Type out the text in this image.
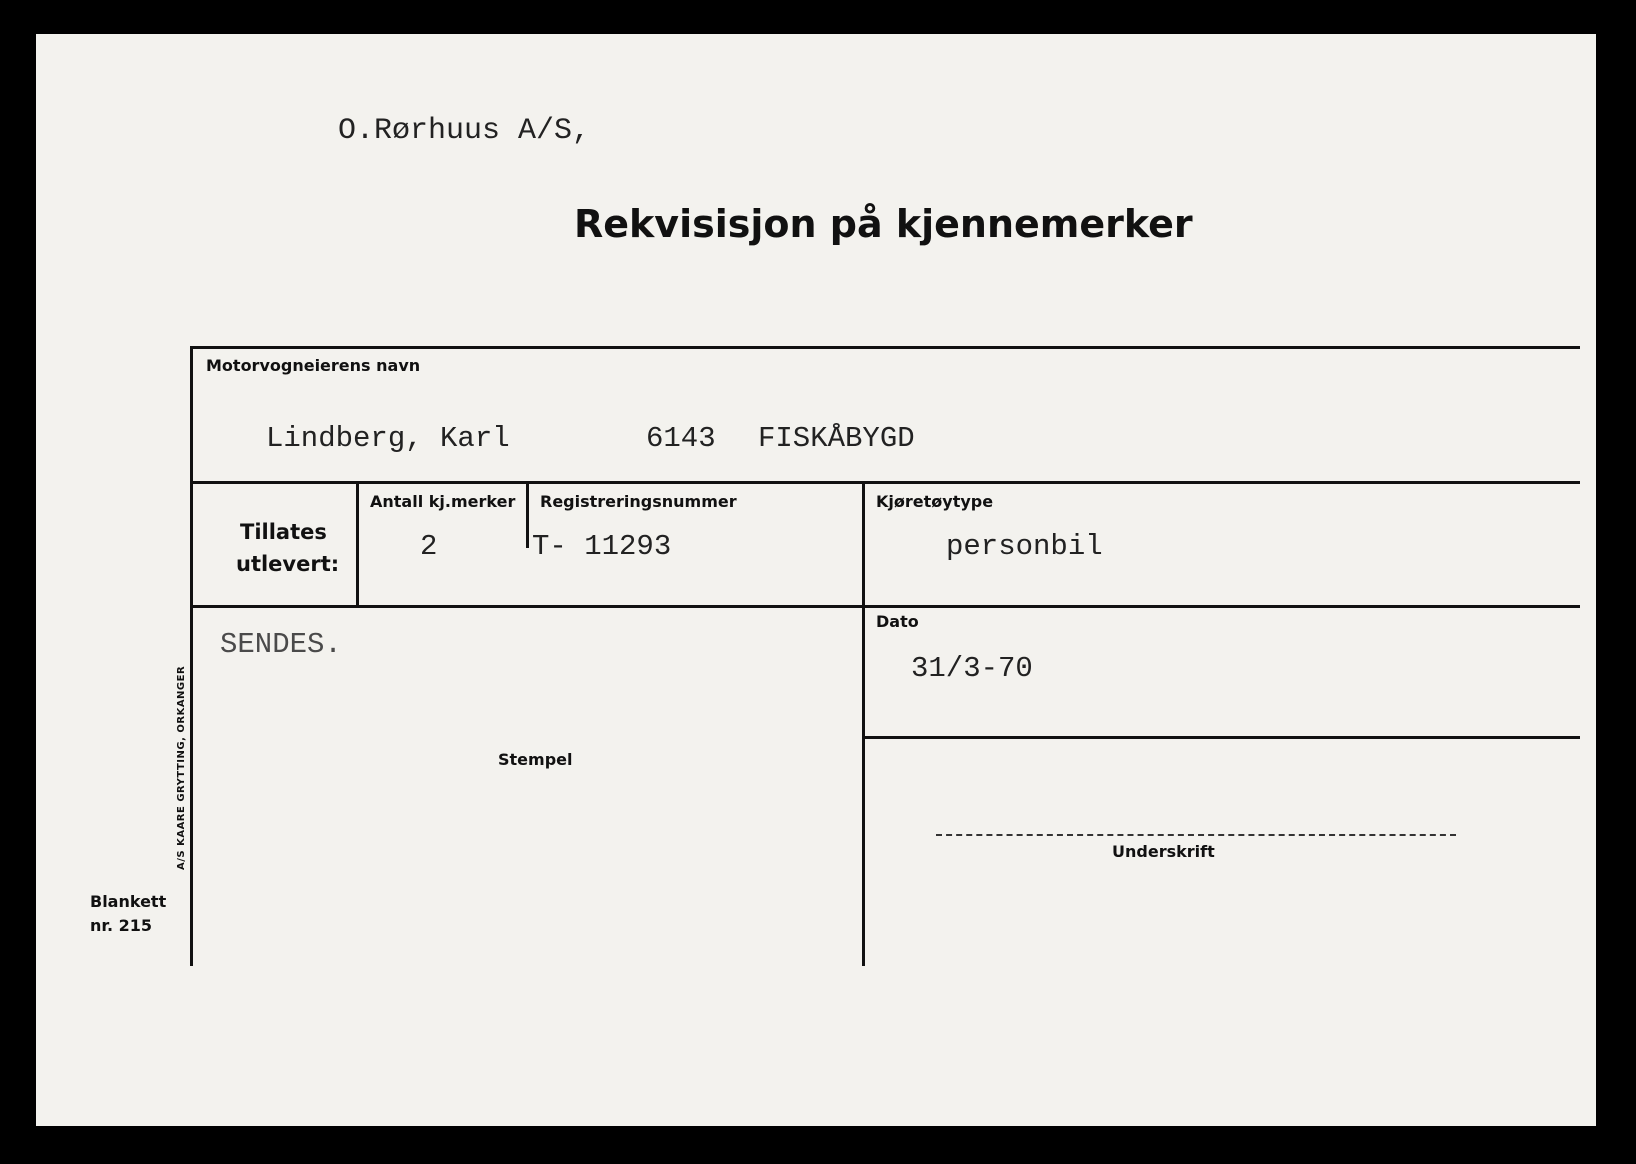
O.Rørhuus A/S,
Rekvisisjon på kjennemerker
Motorvogneierens navn
Lindberg, Karl	6143 FISKÅBYGD
Tillates
utlevert:
Antall kj.merker
2
Registreringsnummer
T- 11293
Kjøretøytype
personbil
SENDES.
Stempel
Dato
31/3-70
Underskrift
A/S KAARE GRYTTING, ORKANGER
Blankett
nr. 215
